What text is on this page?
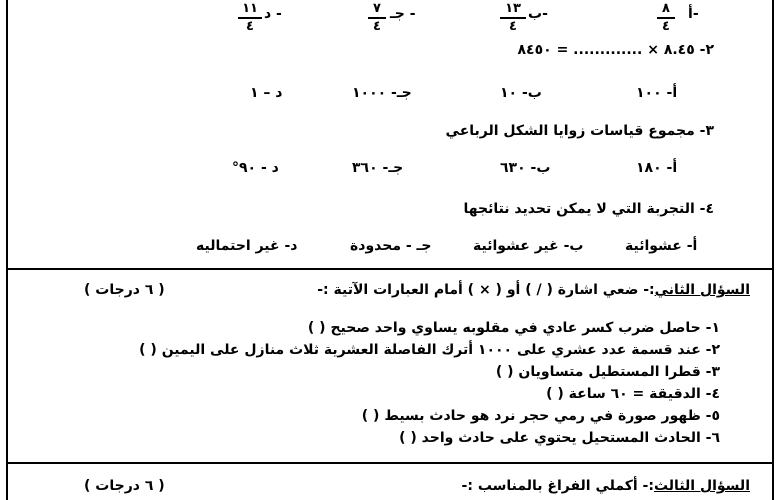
أ-
٨
٤
ب-
١٣
٤
جـ -
٧
٤
د -
١١
٤
٢- ٨.٤٥ × ............. = ٨٤٥٠
أ- ١٠٠
ب- ١٠
جـ- ١٠٠٠
د – ١
٣- مجموع قياسات زوايا الشكل الرباعي
أ- ١٨٠
ب- ٦٣٠
جـ- ٣٦٠
د - ٩٠°
٤- التجربة التي لا يمكن تحديد نتائجها
أ- عشوائية
ب- غير عشوائية
جـ - محدودة
د- غير احتماليه
السؤال الثاني:- ضعي اشارة ( / ) أو ( × ) أمام العبارات الآتية :-
( ٦ درجات )
١- حاصل ضرب كسر عادي في مقلوبه يساوي واحد صحيح ( )
٢- عند قسمة عدد عشري على ١٠٠٠ أترك الفاصلة العشرية ثلاث منازل على اليمين ( )
٣- قطرا المستطيل متساويان ( )
٤- الدقيقة = ٦٠ ساعة ( )
٥- ظهور صورة في رمي حجر نرد هو حادث بسيط ( )
٦- الحادث المستحيل يحتوي على حادث واحد ( )
السؤال الثالث:- أكملي الفراغ بالمناسب :-
( ٦ درجات )
